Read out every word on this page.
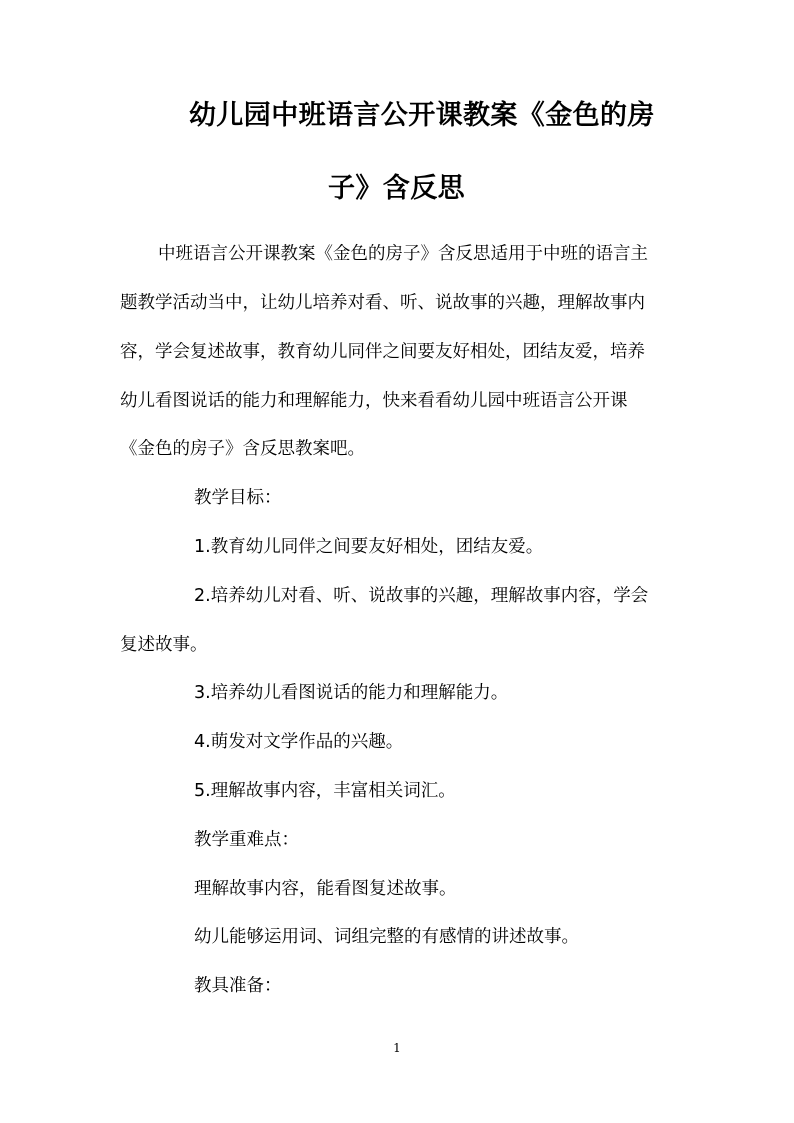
幼儿园中班语言公开课教案《金色的房
子》含反思
中班语言公开课教案《金色的房子》含反思适用于中班的语言主
题教学活动当中，让幼儿培养对看、听、说故事的兴趣，理解故事内
容，学会复述故事，教育幼儿同伴之间要友好相处，团结友爱，培养
幼儿看图说话的能力和理解能力，快来看看幼儿园中班语言公开课
《金色的房子》含反思教案吧。
教学目标：
1.教育幼儿同伴之间要友好相处，团结友爱。
2.培养幼儿对看、听、说故事的兴趣，理解故事内容，学会
复述故事。
3.培养幼儿看图说话的能力和理解能力。
4.萌发对文学作品的兴趣。
5.理解故事内容，丰富相关词汇。
教学重难点：
理解故事内容，能看图复述故事。
幼儿能够运用词、词组完整的有感情的讲述故事。
教具准备：
1
